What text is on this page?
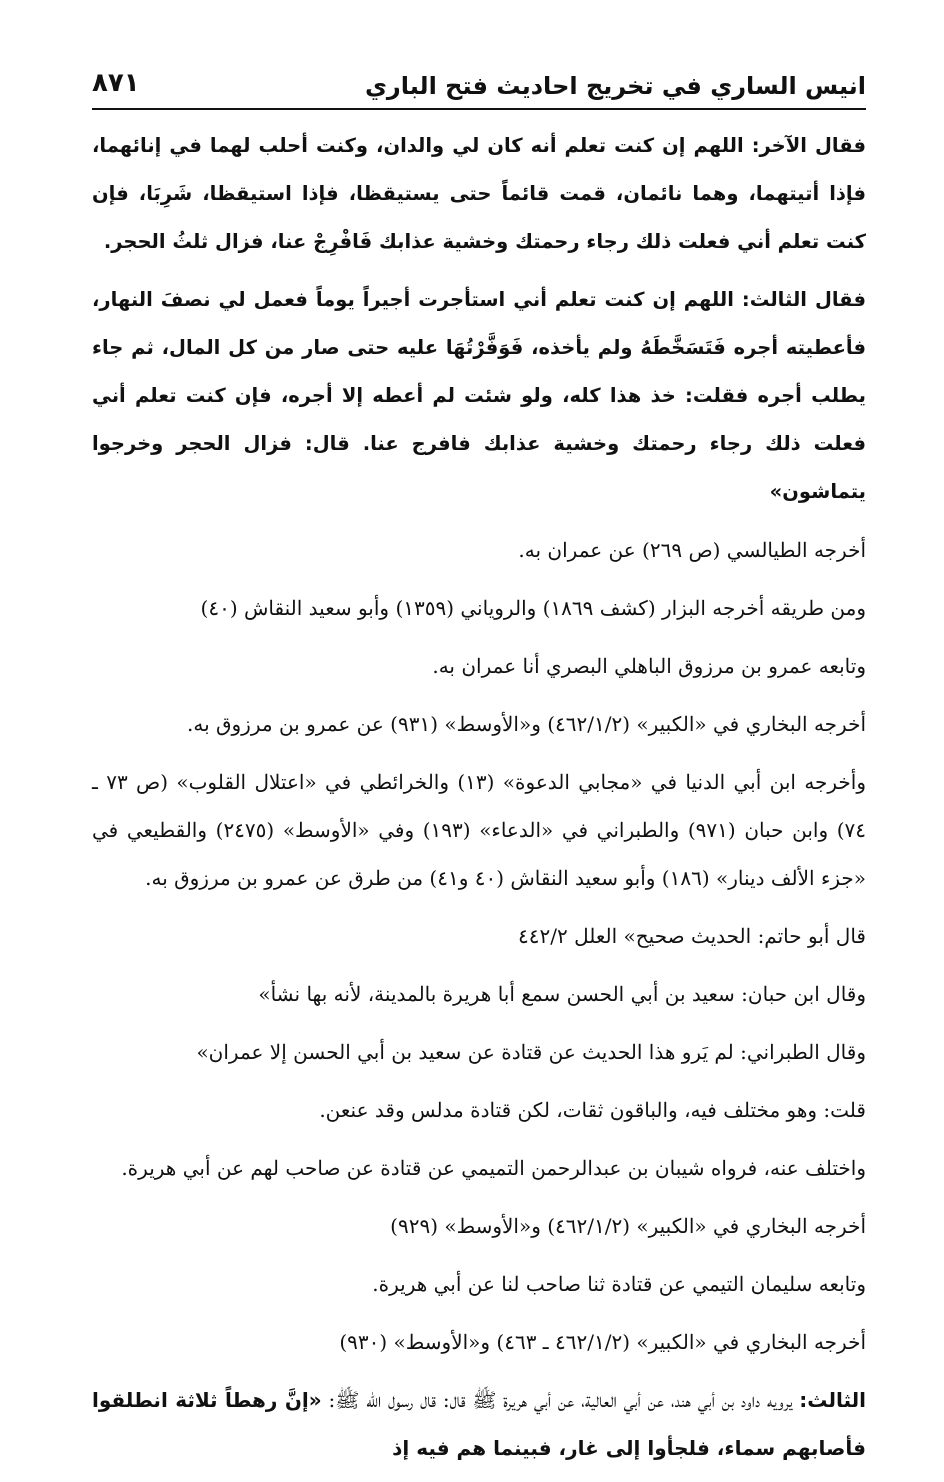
انيس الساري في تخريج احاديث فتح الباري
٨٧١

فقال الآخر: اللهم إن كنت تعلم أنه كان لي والدان، وكنت أحلب لهما في إنائهما، فإذا أتيتهما، وهما نائمان، قمت قائماً حتى يستيقظا، فإذا استيقظا، شَرِبَا، فإن كنت تعلم أني فعلت ذلك رجاء رحمتك وخشية عذابك فَافْرِجْ عنا، فزال ثلثُ الحجر.

فقال الثالث: اللهم إن كنت تعلم أني استأجرت أجيراً يوماً فعمل لي نصفَ النهار، فأعطيته أجره فَتَسَخَّطَهُ ولم يأخذه، فَوَفَّرْتُهَا عليه حتى صار من كل المال، ثم جاء يطلب أجره فقلت: خذ هذا كله، ولو شئت لم أعطه إلا أجره، فإن كنت تعلم أني فعلت ذلك رجاء رحمتك وخشية عذابك فافرج عنا. قال: فزال الحجر وخرجوا يتماشون»

أخرجه الطيالسي (ص ٢٦٩) عن عمران به.

ومن طريقه أخرجه البزار (كشف ١٨٦٩) والروياني (١٣٥٩) وأبو سعيد النقاش (٤٠)

وتابعه عمرو بن مرزوق الباهلي البصري أنا عمران به.

أخرجه البخاري في «الكبير» (٤٦٢/١/٢) و«الأوسط» (٩٣١) عن عمرو بن مرزوق به.

وأخرجه ابن أبي الدنيا في «مجابي الدعوة» (١٣) والخرائطي في «اعتلال القلوب» (ص ٧٣ ـ ٧٤) وابن حبان (٩٧١) والطبراني في «الدعاء» (١٩٣) وفي «الأوسط» (٢٤٧٥) والقطيعي في «جزء الألف دينار» (١٨٦) وأبو سعيد النقاش (٤٠ و٤١) من طرق عن عمرو بن مرزوق به.

قال أبو حاتم: الحديث صحيح» العلل ٤٤٢/٢

وقال ابن حبان: سعيد بن أبي الحسن سمع أبا هريرة بالمدينة، لأنه بها نشأ»

وقال الطبراني: لم يَرو هذا الحديث عن قتادة عن سعيد بن أبي الحسن إلا عمران»

قلت: وهو مختلف فيه، والباقون ثقات، لكن قتادة مدلس وقد عنعن.

واختلف عنه، فرواه شيبان بن عبدالرحمن التميمي عن قتادة عن صاحب لهم عن أبي هريرة.

أخرجه البخاري في «الكبير» (٤٦٢/١/٢) و«الأوسط» (٩٢٩)

وتابعه سليمان التيمي عن قتادة ثنا صاحب لنا عن أبي هريرة.

أخرجه البخاري في «الكبير» (٤٦٢/١/٢ ـ ٤٦٣) و«الأوسط» (٩٣٠)

الثالث: يرويه داود بن أبي هند، عن أبي العالية، عن أبي هريرة ﷺ قال: قال رسول الله ﷺ: «إنَّ رهطاً ثلاثة انطلقوا فأصابهم سماء، فلجأوا إلى غار، فبينما هم فيه إذ
